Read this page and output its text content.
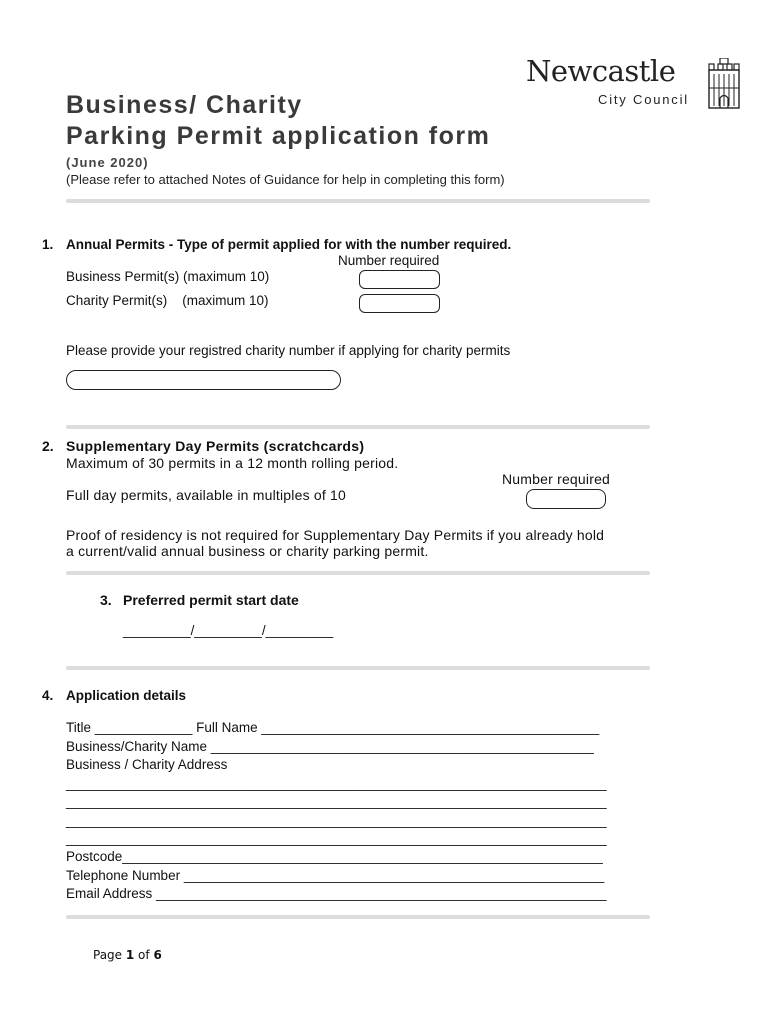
Newcastle
City Council
Business/ Charity
Parking Permit application form
(June 2020)
(Please refer to attached Notes of Guidance for help in completing this form)
1. Annual Permits - Type of permit applied for with the number required.
Number required
Business Permit(s) (maximum 10)
Charity Permit(s)    (maximum 10)
Please provide your registred charity number if applying for charity permits
2. Supplementary Day Permits (scratchcards)
Maximum of 30 permits in a 12 month rolling period.
Number required
Full day permits, available in multiples of 10
Proof of residency is not required for Supplementary Day Permits if you already hold
a current/valid annual business or charity parking permit.
3. Preferred permit start date
_________/_________/_________
4. Application details
Title _____________ Full Name _____________________________________________
Business/Charity Name ___________________________________________________
Business / Charity Address
________________________________________________________________________
________________________________________________________________________
________________________________________________________________________
________________________________________________________________________
Postcode________________________________________________________________
Telephone Number ________________________________________________________
Email Address ____________________________________________________________
Page 1 of 6
